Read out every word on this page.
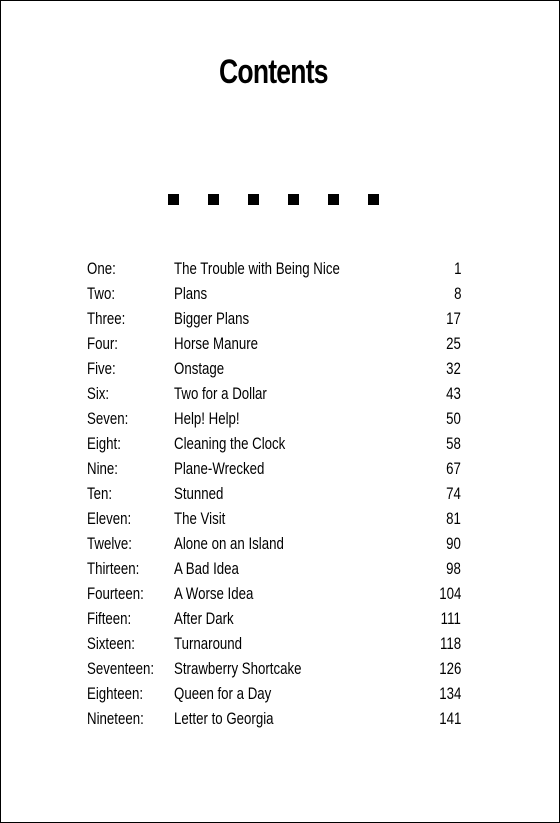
Contents
One:	The Trouble with Being Nice	1
Two:	Plans	8
Three:	Bigger Plans	17
Four:	Horse Manure	25
Five:	Onstage	32
Six:	Two for a Dollar	43
Seven:	Help! Help!	50
Eight:	Cleaning the Clock	58
Nine:	Plane-Wrecked	67
Ten:	Stunned	74
Eleven:	The Visit	81
Twelve: Alone on an Island	90
Thirteen: A Bad Idea	98
Fourteen: A Worse Idea	104
Fifteen:	After Dark	111
Sixteen: Turnaround	118
Seventeen: Strawberry Shortcake	126
Eighteen: Queen for a Day	134
Nineteen: Letter to Georgia	141
